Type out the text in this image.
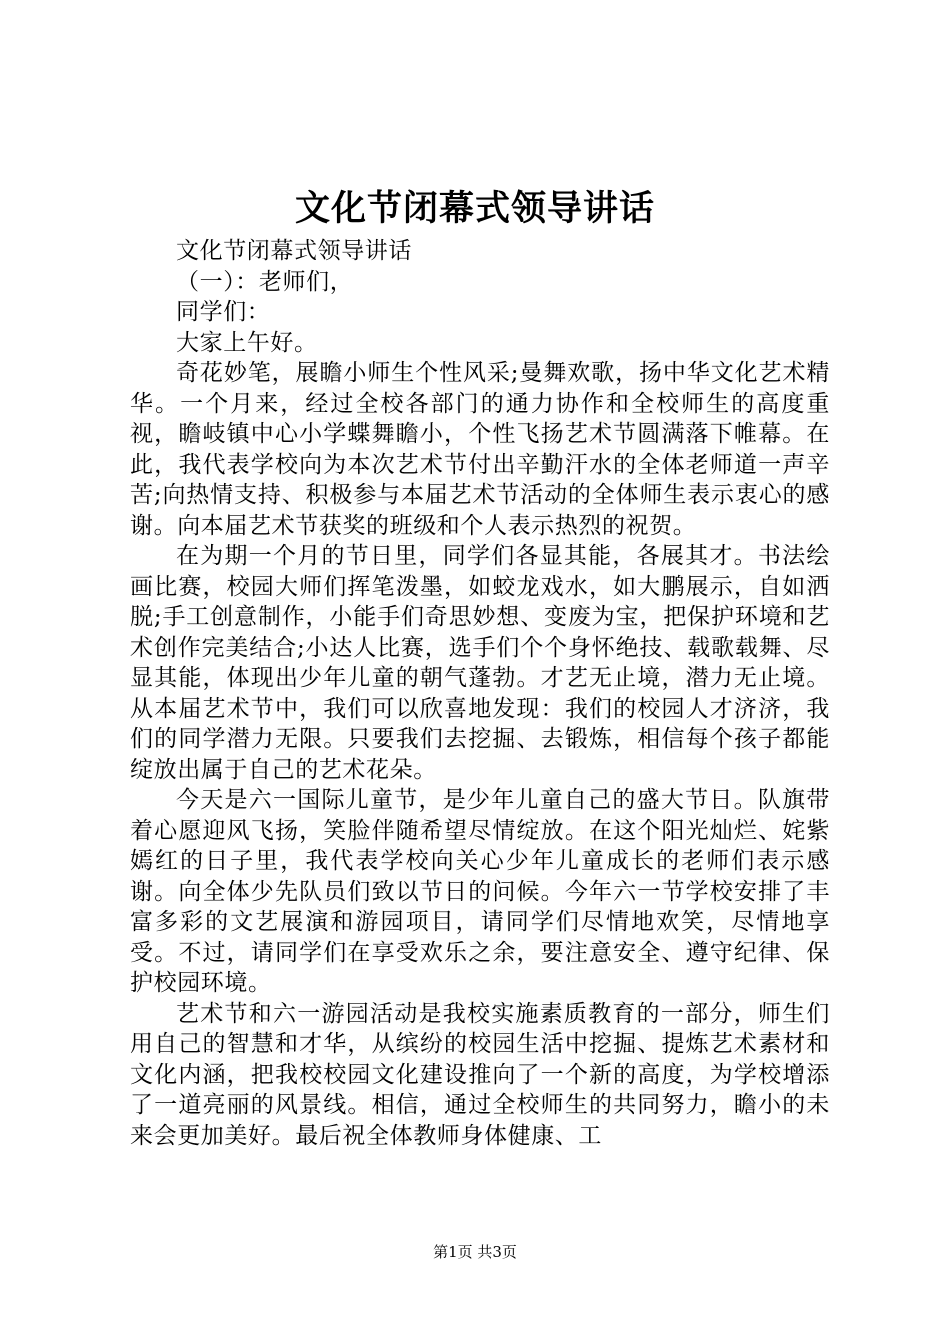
文化节闭幕式领导讲话

文化节闭幕式领导讲话

（一）：老师们，

同学们：

大家上午好。

奇花妙笔，展瞻小师生个性风采;曼舞欢歌，扬中华文化艺术精华。一个月来，经过全校各部门的通力协作和全校师生的高度重视，瞻岐镇中心小学蝶舞瞻小，个性飞扬艺术节圆满落下帷幕。在此，我代表学校向为本次艺术节付出辛勤汗水的全体老师道一声辛苦;向热情支持、积极参与本届艺术节活动的全体师生表示衷心的感谢。向本届艺术节获奖的班级和个人表示热烈的祝贺。

在为期一个月的节日里，同学们各显其能，各展其才。书法绘画比赛，校园大师们挥笔泼墨，如蛟龙戏水，如大鹏展示，自如洒脱;手工创意制作，小能手们奇思妙想、变废为宝，把保护环境和艺术创作完美结合;小达人比赛，选手们个个身怀绝技、载歌载舞、尽显其能，体现出少年儿童的朝气蓬勃。才艺无止境，潜力无止境。从本届艺术节中，我们可以欣喜地发现：我们的校园人才济济，我们的同学潜力无限。只要我们去挖掘、去锻炼，相信每个孩子都能绽放出属于自己的艺术花朵。

今天是六一国际儿童节，是少年儿童自己的盛大节日。队旗带着心愿迎风飞扬，笑脸伴随希望尽情绽放。在这个阳光灿烂、姹紫嫣红的日子里，我代表学校向关心少年儿童成长的老师们表示感谢。向全体少先队员们致以节日的问候。今年六一节学校安排了丰富多彩的文艺展演和游园项目，请同学们尽情地欢笑，尽情地享受。不过，请同学们在享受欢乐之余，要注意安全、遵守纪律、保护校园环境。

艺术节和六一游园活动是我校实施素质教育的一部分，师生们用自己的智慧和才华，从缤纷的校园生活中挖掘、提炼艺术素材和文化内涵，把我校校园文化建设推向了一个新的高度，为学校增添了一道亮丽的风景线。相信，通过全校师生的共同努力，瞻小的未来会更加美好。最后祝全体教师身体健康、工

第1页 共3页
